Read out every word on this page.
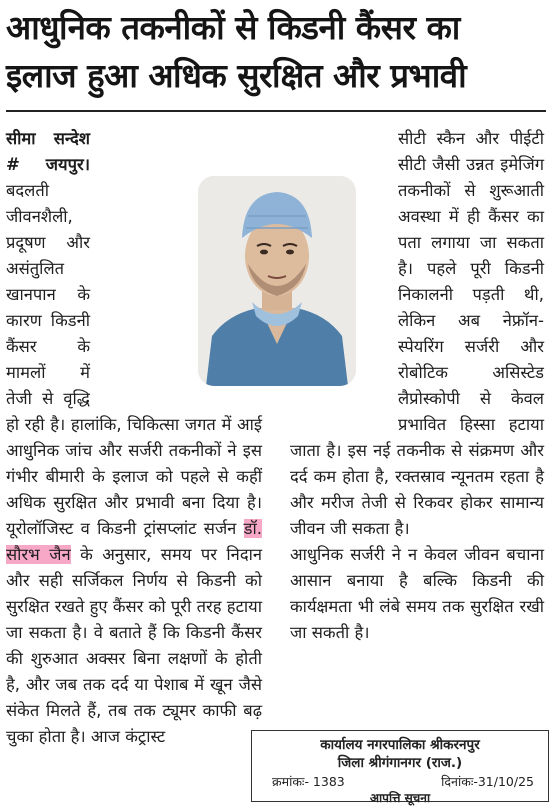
आधुनिक तकनीकों से किडनी कैंसर का
इलाज हुआ अधिक सुरक्षित और प्रभावी

सीमा सन्देश # जयपुर। बदलती जीवनशैली, प्रदूषण और असंतुलित खानपान के कारण किडनी कैंसर के मामलों में तेजी से वृद्धि हो रही है। हालांकि, चिकित्सा जगत में आई आधुनिक जांच और सर्जरी तकनीकों ने इस गंभीर बीमारी के इलाज को पहले से कहीं अधिक सुरक्षित और प्रभावी बना दिया है। यूरोलॉजिस्ट व किडनी ट्रांसप्लांट सर्जन डॉ. सौरभ जैन के अनुसार, समय पर निदान और सही सर्जिकल निर्णय से किडनी को सुरक्षित रखते हुए कैंसर को पूरी तरह हटाया जा सकता है। वे बताते हैं कि किडनी कैंसर की शुरुआत अक्सर बिना लक्षणों के होती है, और जब तक दर्द या पेशाब में खून जैसे संकेत मिलते हैं, तब तक ट्यूमर काफी बढ़ चुका होता है। आज कंट्रास्ट

सीटी स्कैन और पीईटी सीटी जैसी उन्नत इमेजिंग तकनीकों से शुरूआती अवस्था में ही कैंसर का पता लगाया जा सकता है। पहले पूरी किडनी निकालनी पड़ती थी, लेकिन अब नेफ्रॉन-स्पेयरिंग सर्जरी और रोबोटिक असिस्टेड लैप्रोस्कोपी से केवल प्रभावित हिस्सा हटाया जाता है। इस नई तकनीक से संक्रमण और दर्द कम होता है, रक्तस्राव न्यूनतम रहता है और मरीज तेजी से रिकवर होकर सामान्य जीवन जी सकता है।

आधुनिक सर्जरी ने न केवल जीवन बचाना आसान बनाया है बल्कि किडनी की कार्यक्षमता भी लंबे समय तक सुरक्षित रखी जा सकती है।

कार्यालय नगरपालिका श्रीकरनपुर
जिला श्रीगंगानगर (राज.)
क्रमांकः- 1383	दिनांकः-31/10/25
आपत्ति सूचना
